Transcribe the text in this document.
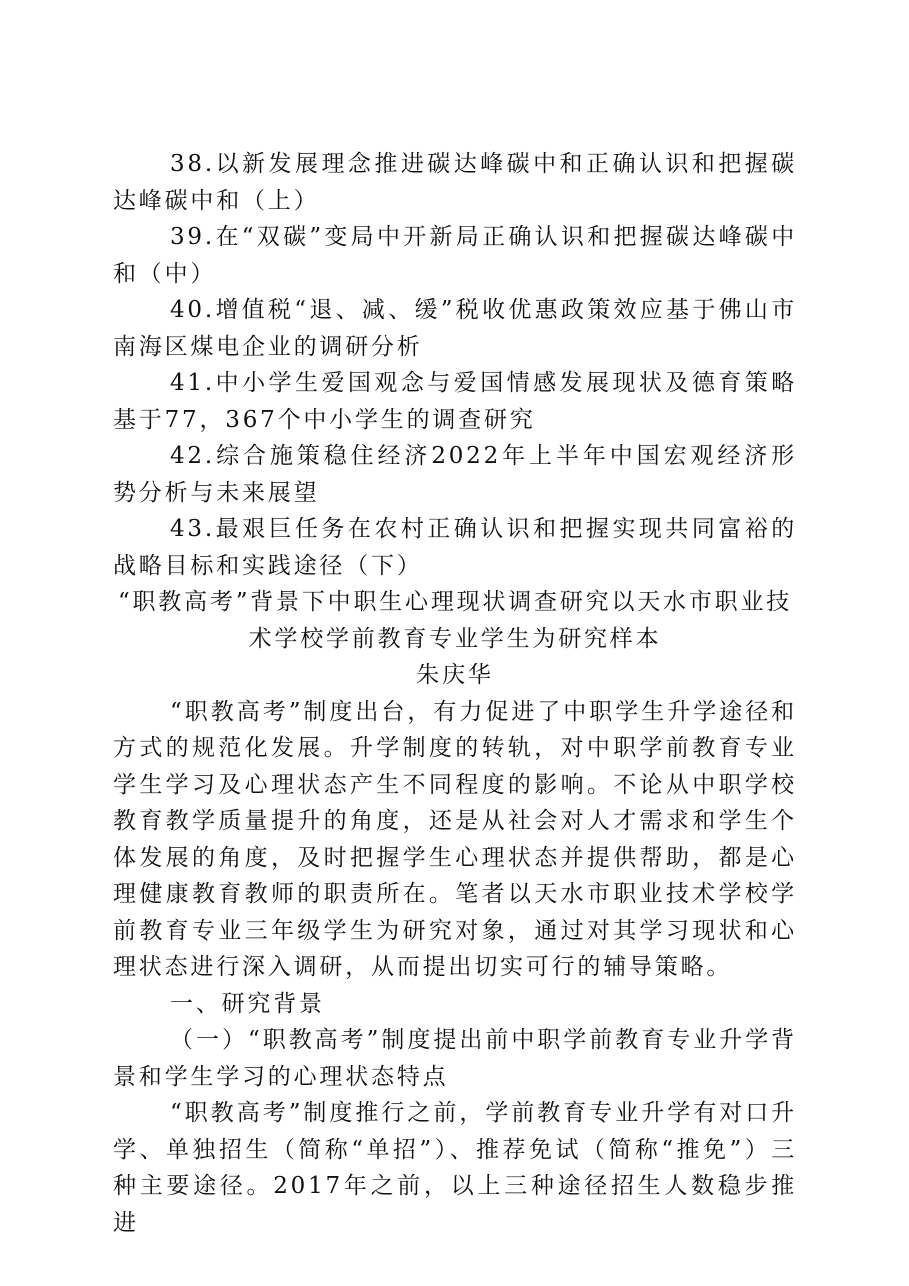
38.以新发展理念推进碳达峰碳中和正确认识和把握碳达峰碳中和（上）

39.在“双碳”变局中开新局正确认识和把握碳达峰碳中和（中）

40.增值税“退、减、缓”税收优惠政策效应基于佛山市南海区煤电企业的调研分析

41.中小学生爱国观念与爱国情感发展现状及德育策略基于77，367个中小学生的调查研究

42.综合施策稳住经济2022年上半年中国宏观经济形势分析与未来展望

43.最艰巨任务在农村正确认识和把握实现共同富裕的战略目标和实践途径（下）

“职教高考”背景下中职生心理现状调查研究以天水市职业技术学校学前教育专业学生为研究样本

朱庆华

“职教高考”制度出台，有力促进了中职学生升学途径和方式的规范化发展。升学制度的转轨，对中职学前教育专业学生学习及心理状态产生不同程度的影响。不论从中职学校教育教学质量提升的角度，还是从社会对人才需求和学生个体发展的角度，及时把握学生心理状态并提供帮助，都是心理健康教育教师的职责所在。笔者以天水市职业技术学校学前教育专业三年级学生为研究对象，通过对其学习现状和心理状态进行深入调研，从而提出切实可行的辅导策略。

一、研究背景

（一）“职教高考”制度提出前中职学前教育专业升学背景和学生学习的心理状态特点

“职教高考”制度推行之前，学前教育专业升学有对口升学、单独招生（简称“单招”）、推荐免试（简称“推免”）三种主要途径。2017年之前，以上三种途径招生人数稳步推进
